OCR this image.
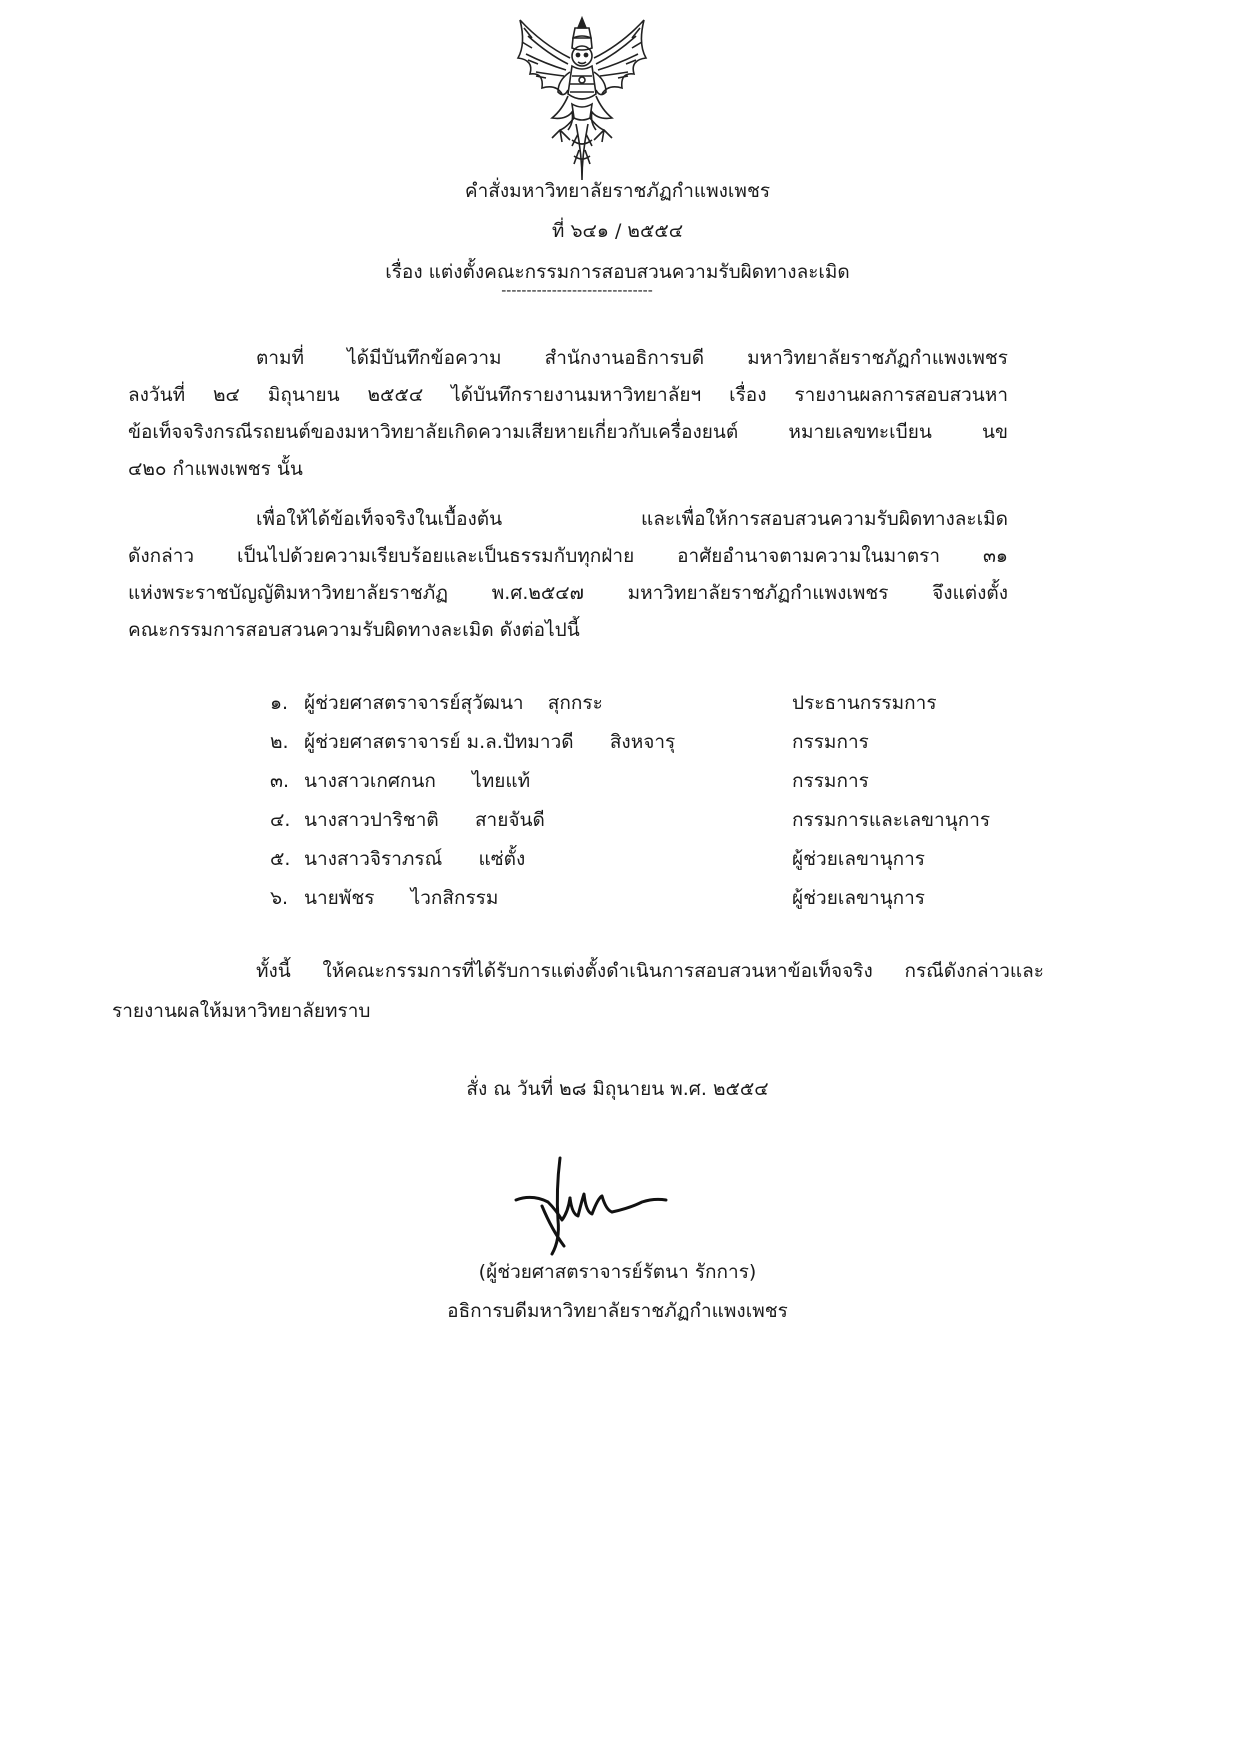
คำสั่งมหาวิทยาลัยราชภัฏกำแพงเพชร
ที่ ๖๔๑ / ๒๕๕๔
เรื่อง แต่งตั้งคณะกรรมการสอบสวนความรับผิดทางละเมิด
------------------------------
ตามที่ ได้มีบันทึกข้อความ สำนักงานอธิการบดี มหาวิทยาลัยราชภัฏกำแพงเพชร
ลงวันที่ ๒๔ มิถุนายน ๒๕๕๔ ได้บันทึกรายงานมหาวิทยาลัยฯ เรื่อง รายงานผลการสอบสวนหา
ข้อเท็จจริงกรณีรถยนต์ของมหาวิทยาลัยเกิดความเสียหายเกี่ยวกับเครื่องยนต์ หมายเลขทะเบียน นข
๔๒๐ กำแพงเพชร นั้น
เพื่อให้ได้ข้อเท็จจริงในเบื้องต้น และเพื่อให้การสอบสวนความรับผิดทางละเมิด
ดังกล่าว เป็นไปด้วยความเรียบร้อยและเป็นธรรมกับทุกฝ่าย อาศัยอำนาจตามความในมาตรา ๓๑
แห่งพระราชบัญญัติมหาวิทยาลัยราชภัฏ พ.ศ.๒๕๔๗ มหาวิทยาลัยราชภัฏกำแพงเพชร จึงแต่งตั้ง
คณะกรรมการสอบสวนความรับผิดทางละเมิด ดังต่อไปนี้
๑. ผู้ช่วยศาสตราจารย์สุวัฒนา    สุกกระ	ประธานกรรมการ
๒. ผู้ช่วยศาสตราจารย์ ม.ล.ปัทมาวดี      สิงหจารุ	กรรมการ
๓. นางสาวเกศกนก      ไทยแท้	กรรมการ
๔. นางสาวปาริชาติ      สายจันดี	กรรมการและเลขานุการ
๕. นางสาวจิราภรณ์      แซ่ตั้ง	ผู้ช่วยเลขานุการ
๖. นายพัชร      ไวกสิกรรม	ผู้ช่วยเลขานุการ
ทั้งนี้ ให้คณะกรรมการที่ได้รับการแต่งตั้งดำเนินการสอบสวนหาข้อเท็จจริง กรณีดังกล่าวและ
รายงานผลให้มหาวิทยาลัยทราบ
สั่ง ณ วันที่ ๒๘ มิถุนายน พ.ศ. ๒๕๕๔
(ผู้ช่วยศาสตราจารย์รัตนา รักการ)
อธิการบดีมหาวิทยาลัยราชภัฏกำแพงเพชร
